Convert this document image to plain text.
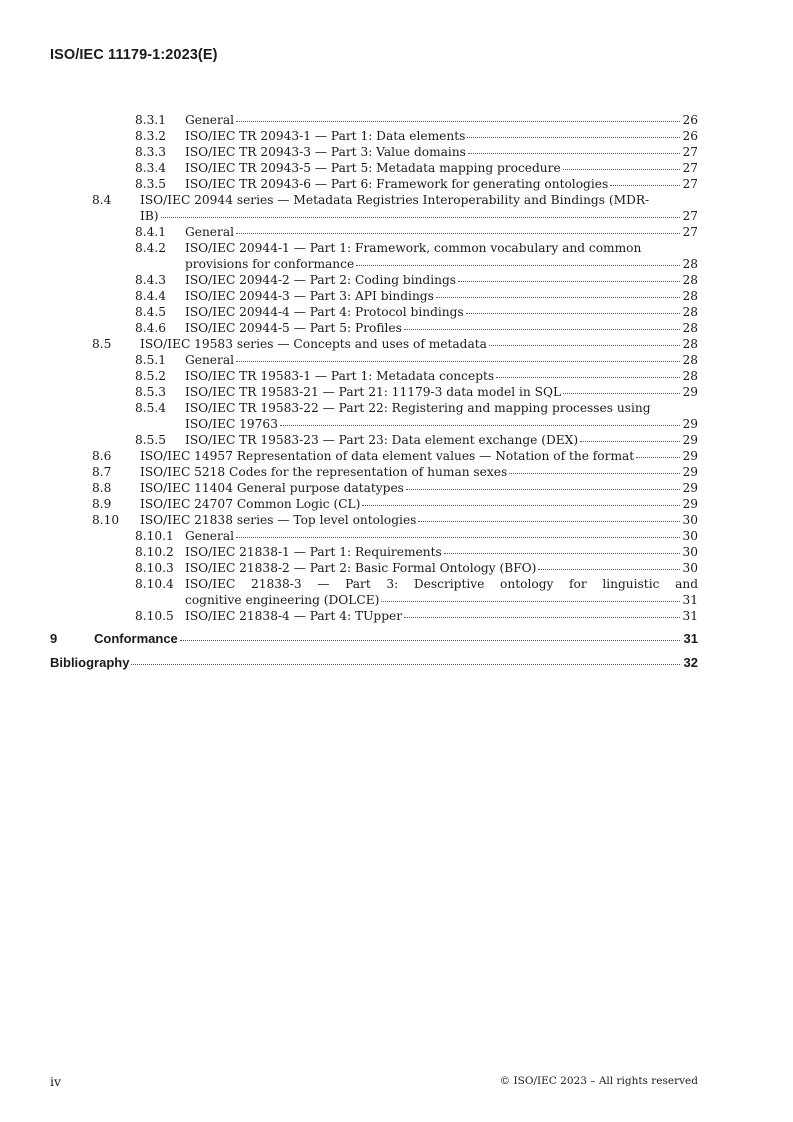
ISO/IEC 11179-1:2023(E)
8.3.1 General	26
8.3.2 ISO/IEC TR 20943-1 — Part 1: Data elements	26
8.3.3 ISO/IEC TR 20943-3 — Part 3: Value domains	27
8.3.4 ISO/IEC TR 20943-5 — Part 5: Metadata mapping procedure	27
8.3.5 ISO/IEC TR 20943-6 — Part 6: Framework for generating ontologies	27
8.4 ISO/IEC 20944 series — Metadata Registries Interoperability and Bindings (MDR-
IB)	27
8.4.1 General	27
8.4.2 ISO/IEC 20944-1 — Part 1: Framework, common vocabulary and common
provisions for conformance	28
8.4.3 ISO/IEC 20944-2 — Part 2: Coding bindings	28
8.4.4 ISO/IEC 20944-3 — Part 3: API bindings	28
8.4.5 ISO/IEC 20944-4 — Part 4: Protocol bindings	28
8.4.6 ISO/IEC 20944-5 — Part 5: Profiles	28
8.5 ISO/IEC 19583 series — Concepts and uses of metadata	28
8.5.1 General	28
8.5.2 ISO/IEC TR 19583-1 — Part 1: Metadata concepts	28
8.5.3 ISO/IEC TR 19583-21 — Part 21: 11179-3 data model in SQL	29
8.5.4 ISO/IEC TR 19583-22 — Part 22: Registering and mapping processes using
ISO/IEC 19763	29
8.5.5 ISO/IEC TR 19583-23 — Part 23: Data element exchange (DEX)	29
8.6 ISO/IEC 14957 Representation of data element values — Notation of the format	29
8.7 ISO/IEC 5218 Codes for the representation of human sexes	29
8.8 ISO/IEC 11404 General purpose datatypes	29
8.9 ISO/IEC 24707 Common Logic (CL)	29
8.10 ISO/IEC 21838 series — Top level ontologies	30
8.10.1 General	30
8.10.2 ISO/IEC 21838-1 — Part 1: Requirements	30
8.10.3 ISO/IEC 21838-2 — Part 2: Basic Formal Ontology (BFO)	30
8.10.4 ISO/IEC 21838-3 — Part 3: Descriptive ontology for linguistic and
cognitive engineering (DOLCE)	31
8.10.5 ISO/IEC 21838-4 — Part 4: TUpper	31
9	Conformance	31
Bibliography	32
iv	© ISO/IEC 2023 – All rights reserved
